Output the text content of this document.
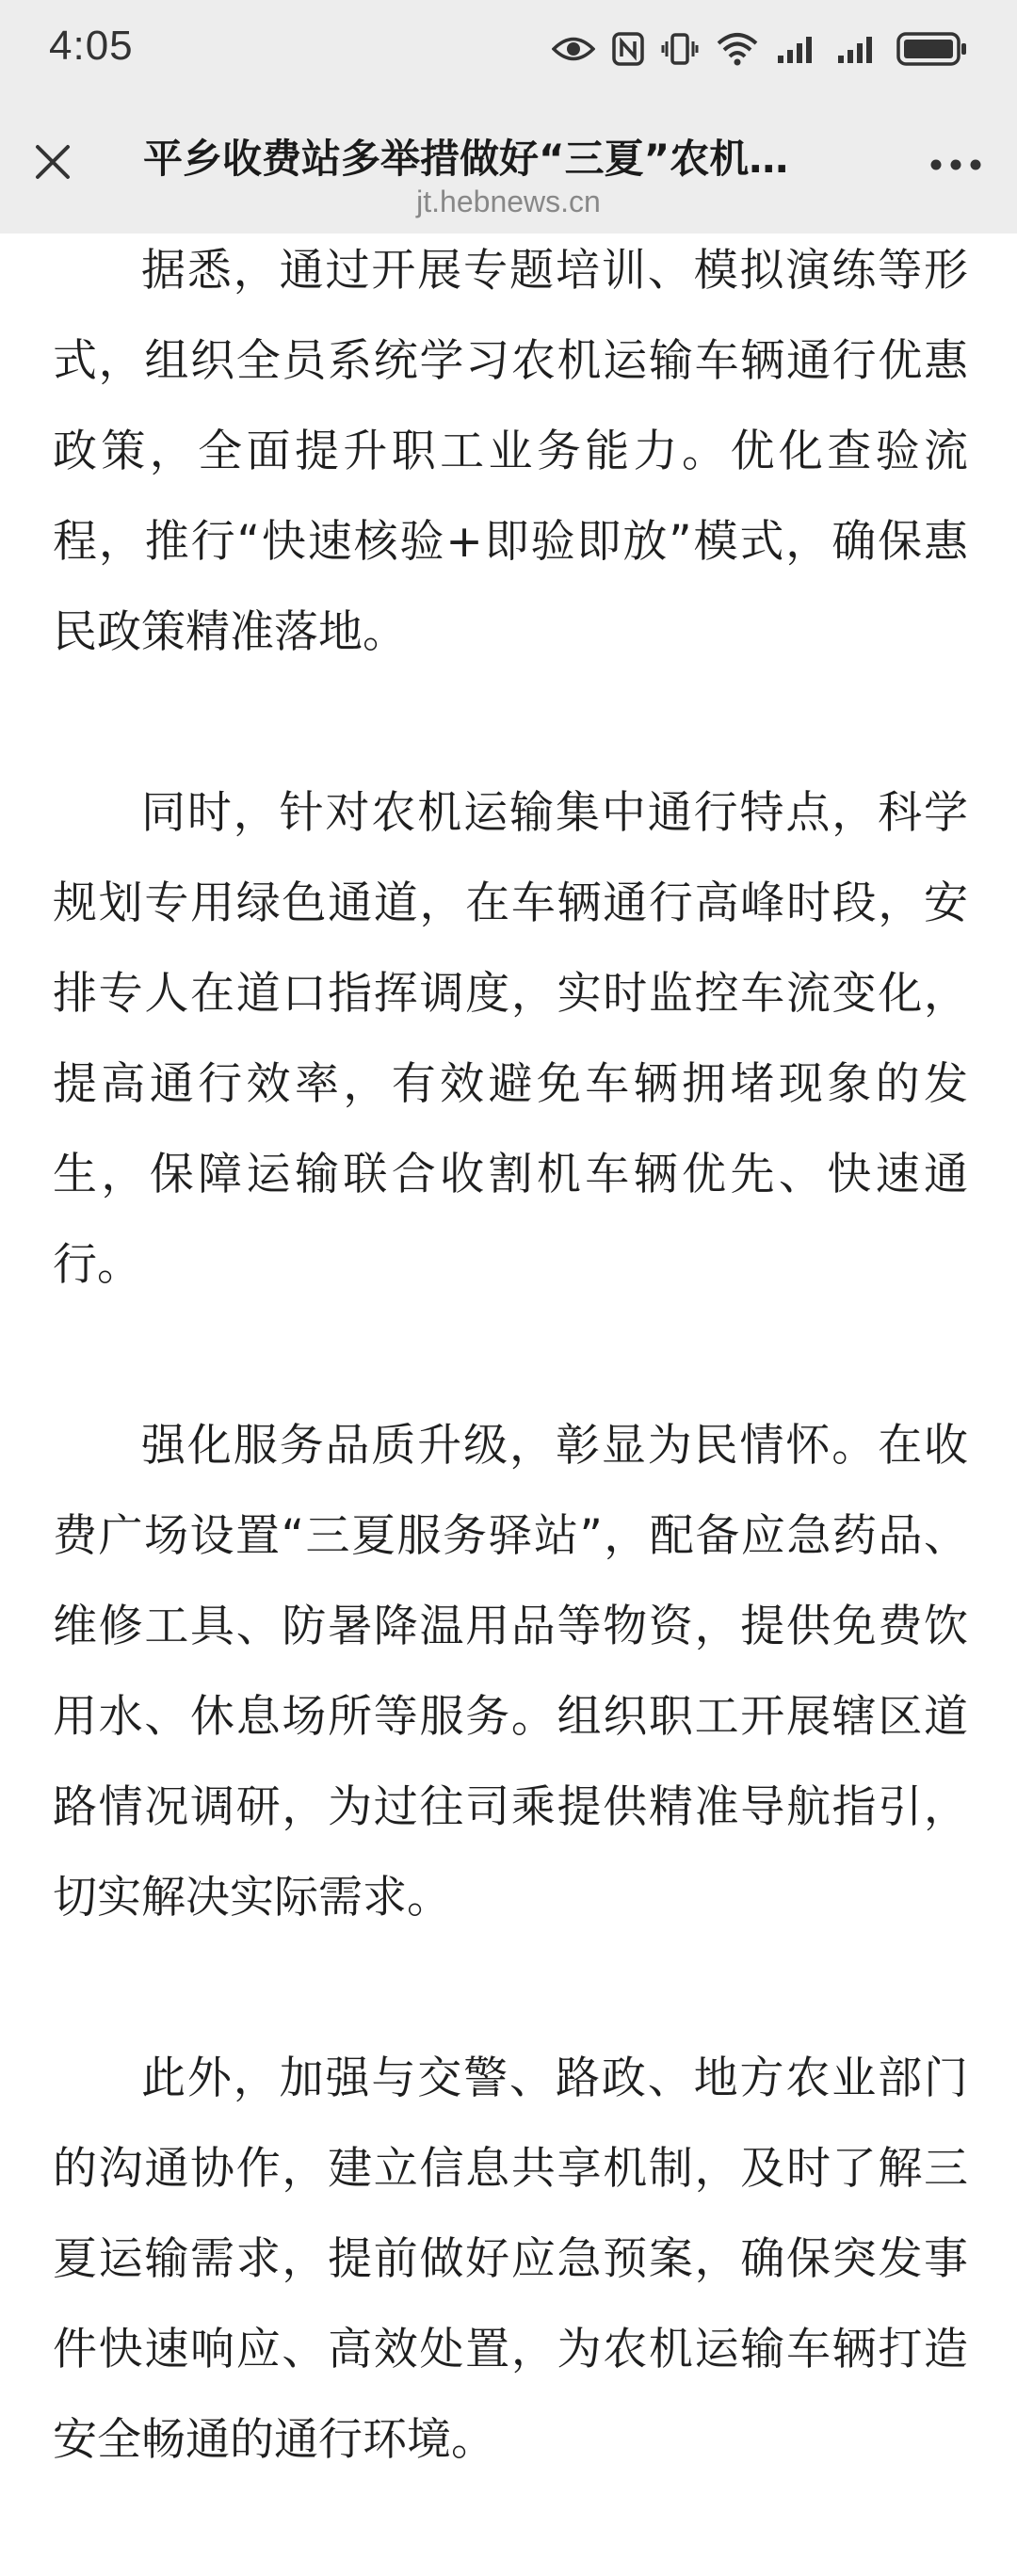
4:05
平乡收费站多举措做好“三夏”农机…
jt.hebnews.cn

据悉，通过开展专题培训、模拟演练等形式，组织全员系统学习农机运输车辆通行优惠政策，全面提升职工业务能力。优化查验流程，推行“快速核验+即验即放”模式，确保惠民政策精准落地。

同时，针对农机运输集中通行特点，科学规划专用绿色通道，在车辆通行高峰时段，安排专人在道口指挥调度，实时监控车流变化，提高通行效率，有效避免车辆拥堵现象的发生，保障运输联合收割机车辆优先、快速通行。

强化服务品质升级，彰显为民情怀。在收费广场设置“三夏服务驿站”，配备应急药品、维修工具、防暑降温用品等物资，提供免费饮用水、休息场所等服务。组织职工开展辖区道路情况调研，为过往司乘提供精准导航指引，切实解决实际需求。

此外，加强与交警、路政、地方农业部门的沟通协作，建立信息共享机制，及时了解三夏运输需求，提前做好应急预案，确保突发事件快速响应、高效处置，为农机运输车辆打造安全畅通的通行环境。
